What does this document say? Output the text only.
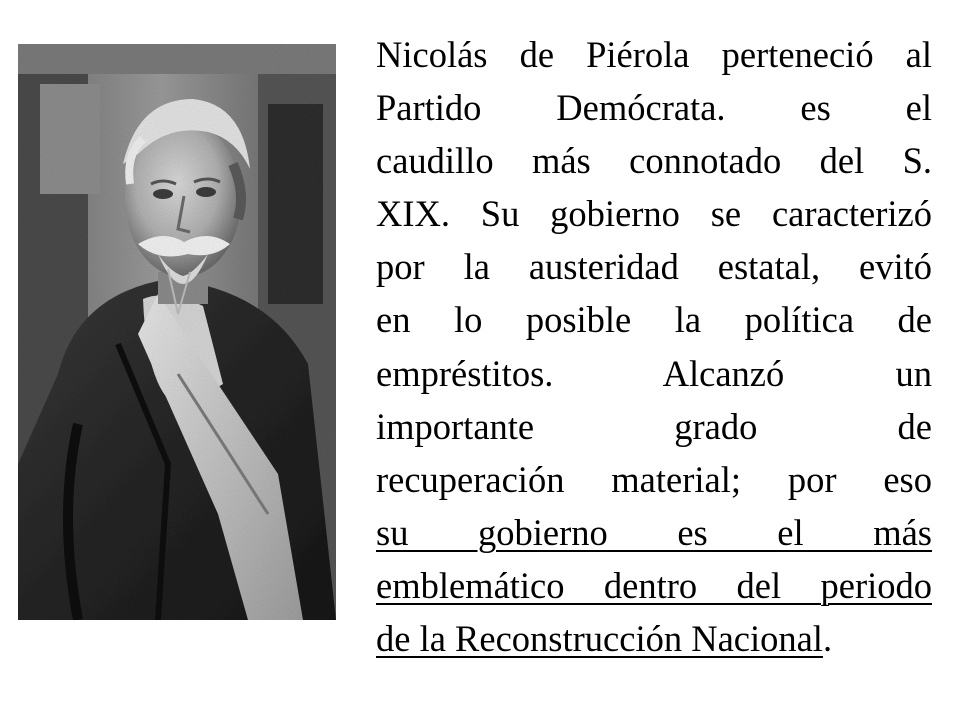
Nicolás de Piérola perteneció al
Partido Demócrata. es el
caudillo más connotado del S.
XIX. Su gobierno se caracterizó
por la austeridad estatal, evitó
en lo posible la política de
empréstitos. Alcanzó un
importante grado de
recuperación material; por eso
su gobierno es el más
emblemático dentro del periodo
de la Reconstrucción Nacional.
